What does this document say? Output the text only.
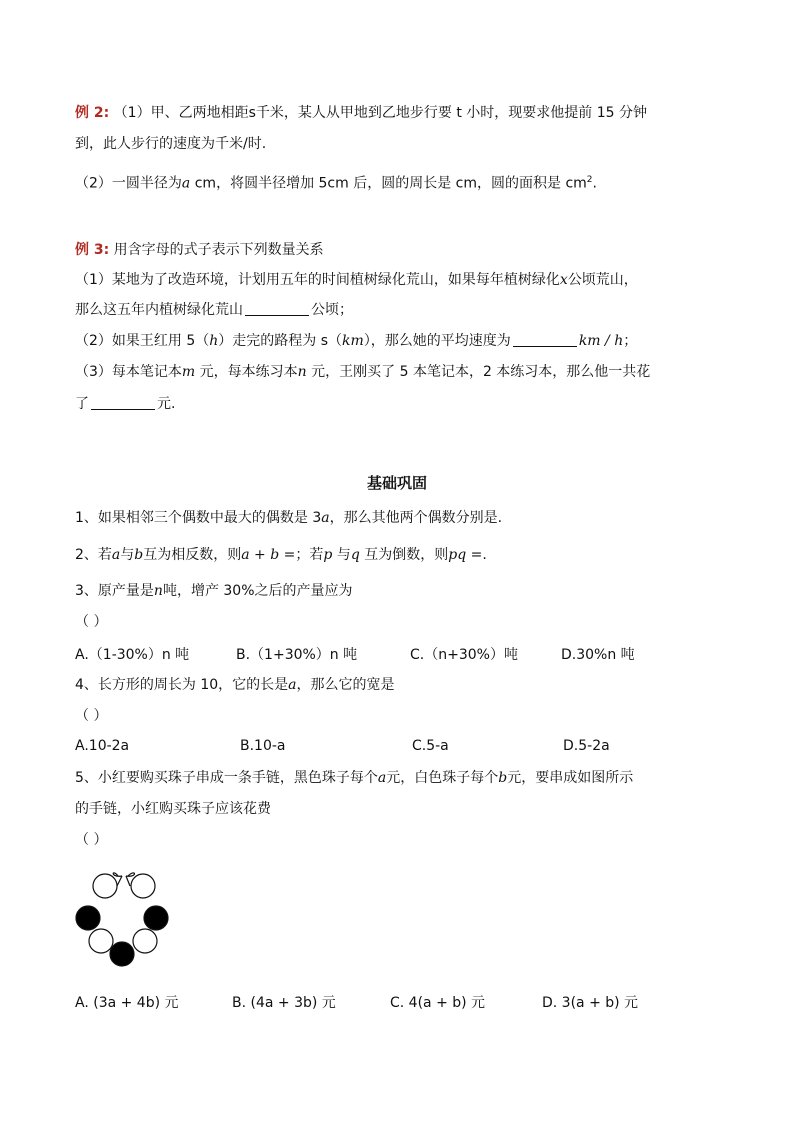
例 2: （1）甲、乙两地相距s千米，某人从甲地到乙地步行要 t 小时，现要求他提前 15 分钟
到，此人步行的速度为千米/时.
（2）一圆半径为a cm，将圆半径增加 5cm 后，圆的周长是 cm，圆的面积是 $cm^2$.
例 3: 用含字母的式子表示下列数量关系
（1）某地为了改造环境，计划用五年的时间植树绿化荒山，如果每年植树绿化x公顷荒山，
那么这五年内植树绿化荒山	公顷；
（2）如果王红用 5（h）走完的路程为 s（km），那么她的平均速度为	km / h；
（3）每本笔记本m 元，每本练习本n 元，王刚买了 5 本笔记本，2 本练习本，那么他一共花
了	元.
基础巩固
1、如果相邻三个偶数中最大的偶数是 3a，那么其他两个偶数分别是.
2、若a与b互为相反数，则a + b =；若p 与q 互为倒数，则pq =.
3、原产量是n吨，增产 30%之后的产量应为
（ ）
A.（1-30%）n 吨	B.（1+30%）n 吨	C.（n+30%）吨	D.30%n 吨
4、长方形的周长为 10，它的长是a，那么它的宽是
（ ）
A.10-2a	B.10-a	C.5-a	D.5-2a
5、小红要购买珠子串成一条手链，黑色珠子每个a元，白色珠子每个b元，要串成如图所示
的手链，小红购买珠子应该花费
（ ）
A. (3a + 4b) 元	B. (4a + 3b) 元	C. 4(a + b) 元	D. 3(a + b) 元
